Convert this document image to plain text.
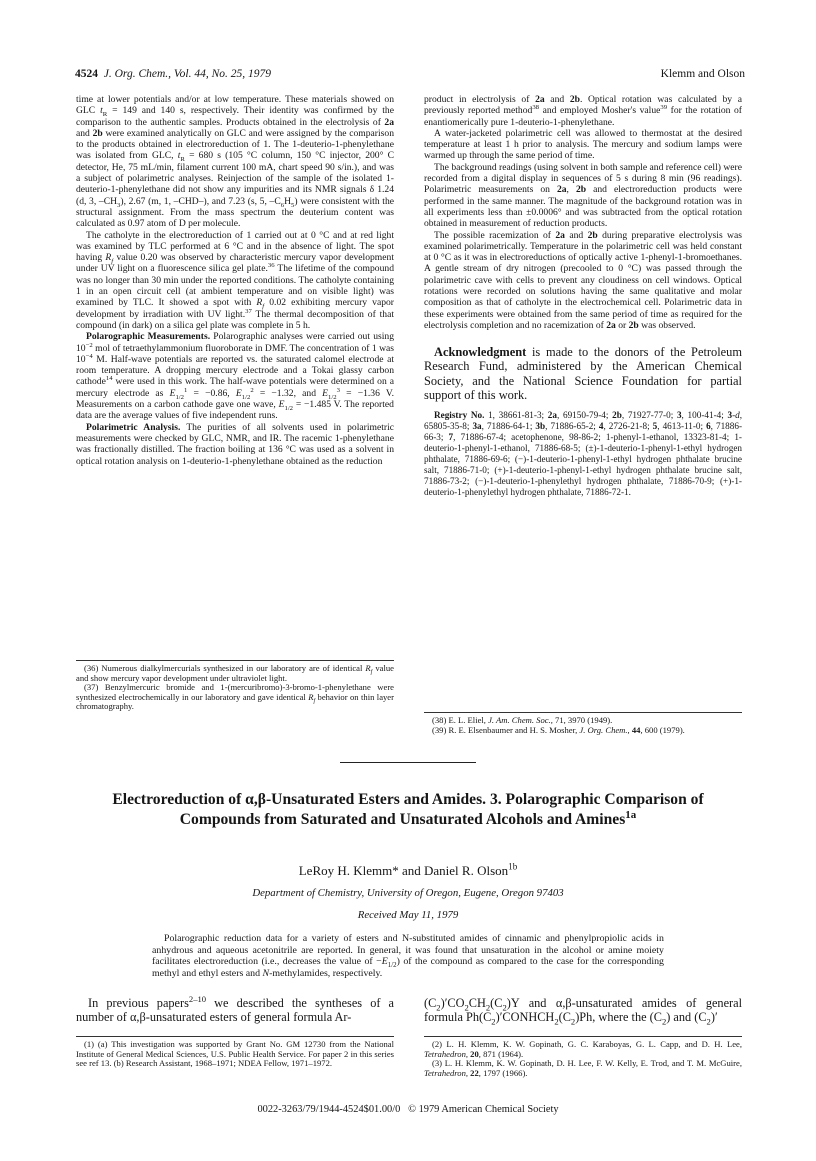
4524 J. Org. Chem., Vol. 44, No. 25, 1979	Klemm and Olson

time at lower potentials and/or at low temperature. These materials showed on GLC $t_R = 149$ and 140 s, respectively. Their identity was confirmed by the comparison to the authentic samples. Products obtained in the electrolysis of 2a and 2b were examined analytically on GLC and were assigned by the comparison to the products obtained in electroreduction of 1. The 1-deuterio-1-phenylethane was isolated from GLC, $t_R = 680$ s (105 °C column, 150 °C injector, 200° C detector, He, 75 mL/min, filament current 100 mA, chart speed 90 s/in.), and was a subject of polarimetric analyses. Reinjection of the sample of the isolated 1-deuterio-1-phenylethane did not show any impurities and its NMR signals δ 1.24 (d, 3, $-CH_3$), 2.67 (m, 1, –CHD–), and 7.23 (s, 5, $-C_6H_5$) were consistent with the structural assignment. From the mass spectrum the deuterium content was calculated as 0.97 atom of D per molecule.

The catholyte in the electroreduction of 1 carried out at 0 °C and at red light was examined by TLC performed at 6 °C and in the absence of light. The spot having $R_f$ value 0.20 was observed by characteristic mercury vapor development under UV light on a fluorescence silica gel plate.$^{36}$ The lifetime of the compound was no longer than 30 min under the reported conditions. The catholyte containing 1 in an open circuit cell (at ambient temperature and on visible light) was examined by TLC. It showed a spot with $R_f$ 0.02 exhibiting mercury vapor development by irradiation with UV light.$^{37}$ The thermal decomposition of that compound (in dark) on a silica gel plate was complete in 5 h.

Polarographic Measurements. Polarographic analyses were carried out using $10^{-2}$ mol of tetraethylammonium fluoroborate in DMF. The concentration of 1 was $10^{-4}$ M. Half-wave potentials are reported vs. the saturated calomel electrode at room temperature. A dropping mercury electrode and a Tokai glassy carbon cathode$^{14}$ were used in this work. The half-wave potentials were determined on a mercury electrode as $E_{1/2}^1 = -0.86$, $E_{1/2}^2 = -1.32$, and $E_{1/2}^3 = -1.36$ V. Measurements on a carbon cathode gave one wave, $E_{1/2} = -1.485$ V. The reported data are the average values of five independent runs.

Polarimetric Analysis. The purities of all solvents used in polarimetric measurements were checked by GLC, NMR, and IR. The racemic 1-phenylethane was fractionally distilled. The fraction boiling at 136 °C was used as a solvent in optical rotation analysis on 1-deuterio-1-phenylethane obtained as the reduction

product in electrolysis of 2a and 2b. Optical rotation was calculated by a previously reported method$^{38}$ and employed Mosher's value$^{39}$ for the rotation of enantiomerically pure 1-deuterio-1-phenylethane.

A water-jacketed polarimetric cell was allowed to thermostat at the desired temperature at least 1 h prior to analysis. The mercury and sodium lamps were warmed up through the same period of time.

The background readings (using solvent in both sample and reference cell) were recorded from a digital display in sequences of 5 s during 8 min (96 readings). Polarimetric measurements on 2a, 2b and electroreduction products were performed in the same manner. The magnitude of the background rotation was in all experiments less than ±0.0006° and was subtracted from the optical rotation obtained in measurement of reduction products.

The possible racemization of 2a and 2b during preparative electrolysis was examined polarimetrically. Temperature in the polarimetric cell was held constant at 0 °C as it was in electroreductions of optically active 1-phenyl-1-bromoethanes. A gentle stream of dry nitrogen (precooled to 0 °C) was passed through the polarimetric cave with cells to prevent any cloudiness on cell windows. Optical rotations were recorded on solutions having the same qualitative and molar composition as that of catholyte in the electrochemical cell. Polarimetric data in these experiments were obtained from the same period of time as required for the electrolysis completion and no racemization of 2a or 2b was observed.

Acknowledgment is made to the donors of the Petroleum Research Fund, administered by the American Chemical Society, and the National Science Foundation for partial support of this work.

Registry No. 1, 38661-81-3; 2a, 69150-79-4; 2b, 71927-77-0; 3, 100-41-4; 3-d, 65805-35-8; 3a, 71886-64-1; 3b, 71886-65-2; 4, 2726-21-8; 5, 4613-11-0; 6, 71886-66-3; 7, 71886-67-4; acetophenone, 98-86-2; 1-phenyl-1-ethanol, 13323-81-4; 1-deuterio-1-phenyl-1-ethanol, 71886-68-5; (±)-1-deuterio-1-phenyl-1-ethyl hydrogen phthalate, 71886-69-6; (−)-1-deuterio-1-phenyl-1-ethyl hydrogen phthalate brucine salt, 71886-71-0; (+)-1-deuterio-1-phenyl-1-ethyl hydrogen phthalate brucine salt, 71886-73-2; (−)-1-deuterio-1-phenylethyl hydrogen phthalate, 71886-70-9; (+)-1-deuterio-1-phenylethyl hydrogen phthalate, 71886-72-1.

(36) Numerous dialkylmercurials synthesized in our laboratory are of identical $R_f$ value and show mercury vapor development under ultraviolet light.

(37) Benzylmercuric bromide and 1-(mercuribromo)-3-bromo-1-phenylethane were synthesized electrochemically in our laboratory and gave identical $R_f$ behavior on thin layer chromatography.

(38) E. L. Eliel, J. Am. Chem. Soc., 71, 3970 (1949).

(39) R. E. Elsenbaumer and H. S. Mosher, J. Org. Chem., 44, 600 (1979).

Electroreduction of α,β-Unsaturated Esters and Amides. 3. Polarographic Comparison of Compounds from Saturated and Unsaturated Alcohols and Amines$^{1a}$
LeRoy H. Klemm* and Daniel R. Olson$^{1b}$
Department of Chemistry, University of Oregon, Eugene, Oregon 97403
Received May 11, 1979

Polarographic reduction data for a variety of esters and N-substituted amides of cinnamic and phenylpropiolic acids in anhydrous and aqueous acetonitrile are reported. In general, it was found that unsaturation in the alcohol or amine moiety facilitates electroreduction (i.e., decreases the value of $-E_{1/2}$) of the compound as compared to the case for the corresponding methyl and ethyl esters and N-methylamides, respectively.

In previous papers$^{2-10}$ we described the syntheses of a number of α,β-unsaturated esters of general formula Ar-

$(C_2)'CO_2CH_2(C_2)Y$ and α,β-unsaturated amides of general formula $Ph(C_2)'CONHCH_2(C_2)Ph$, where the $(C_2)$ and $(C_2)'$

(1) (a) This investigation was supported by Grant No. GM 12730 from the National Institute of General Medical Sciences, U.S. Public Health Service. For paper 2 in this series see ref 13. (b) Research Assistant, 1968–1971; NDEA Fellow, 1971–1972.

(2) L. H. Klemm, K. W. Gopinath, G. C. Karaboyas, G. L. Capp, and D. H. Lee, Tetrahedron, 20, 871 (1964).

(3) L. H. Klemm, K. W. Gopinath, D. H. Lee, F. W. Kelly, E. Trod, and T. M. McGuire, Tetrahedron, 22, 1797 (1966).

0022-3263/79/1944-4524$01.00/0 © 1979 American Chemical Society
